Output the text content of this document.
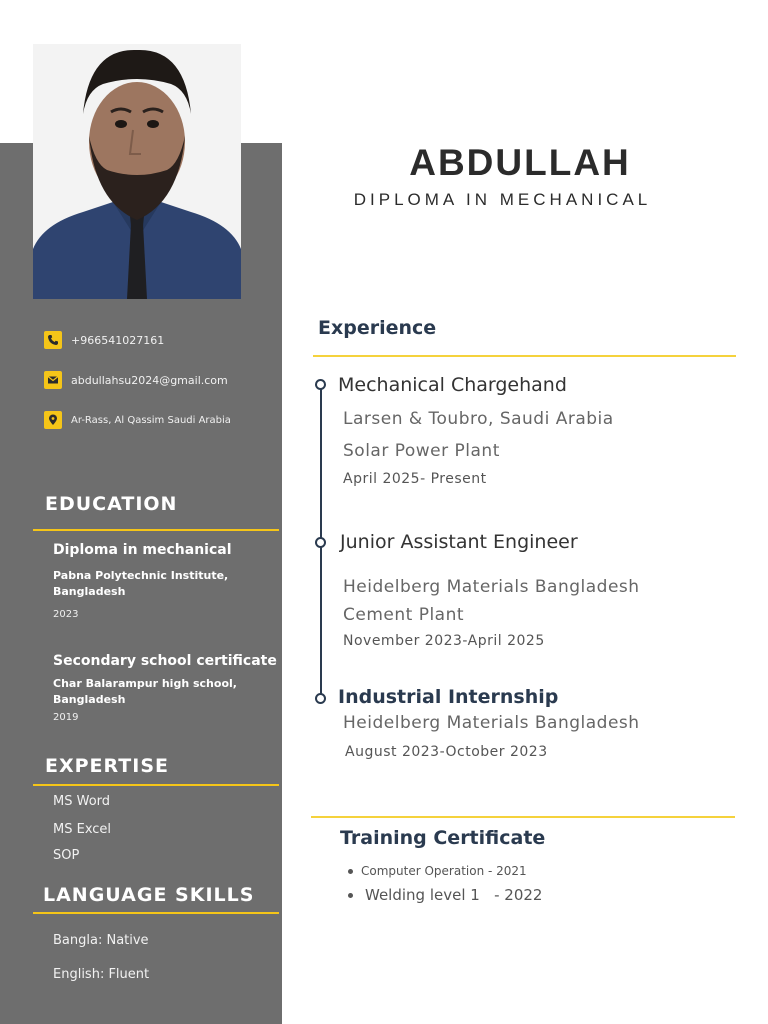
+966541027161
abdullahsu2024@gmail.com
Ar-Rass, Al Qassim Saudi Arabia
EDUCATION
Diploma in mechanical
Pabna Polytechnic Institute,
Bangladesh
2023
Secondary school certificate
Char Balarampur high school,
Bangladesh
2019
EXPERTISE
MS Word
MS Excel
SOP
LANGUAGE SKILLS
Bangla: Native
English: Fluent
ABDULLAH
DIPLOMA IN MECHANICAL
Experience
Mechanical Chargehand
Larsen & Toubro, Saudi Arabia
Solar Power Plant
April 2025- Present
Junior Assistant Engineer
Heidelberg Materials Bangladesh
Cement Plant
November 2023-April 2025
Industrial Internship
Heidelberg Materials Bangladesh
August 2023-October 2023
Training Certificate
Computer Operation - 2021
Welding level 1   - 2022
